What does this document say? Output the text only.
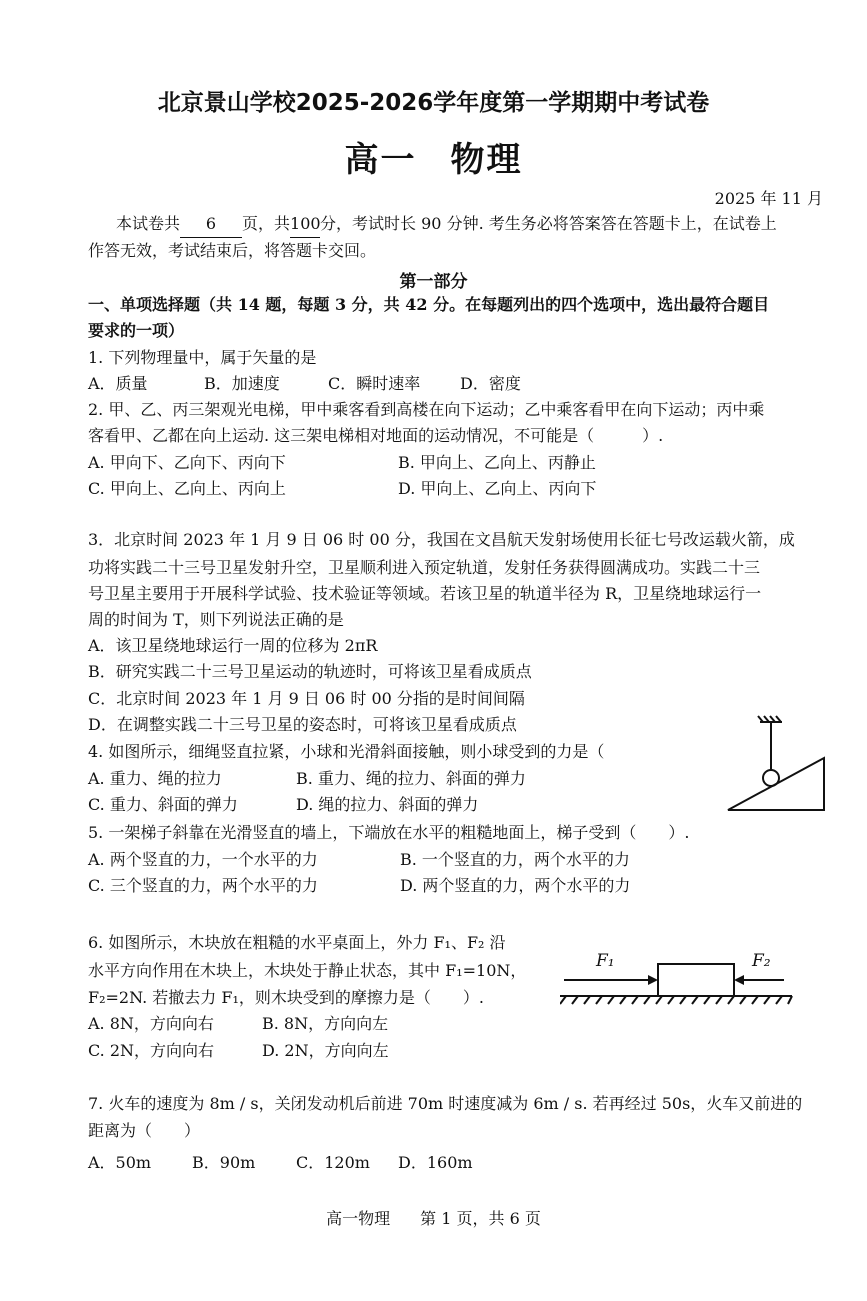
北京景山学校2025-2026学年度第一学期期中考试卷
高一 物理
2025 年 11 月
本试卷共 6 页，共100分，考试时长 90 分钟. 考生务必将答案答在答题卡上，在试卷上
作答无效，考试结束后，将答题卡交回。
第一部分
一、单项选择题（共 14 题，每题 3 分，共 42 分。在每题列出的四个选项中，选出最符合题目
要求的一项）
1. 下列物理量中，属于矢量的是
A．质量	B．加速度	C．瞬时速率 D．密度
2. 甲、乙、丙三架观光电梯，甲中乘客看到高楼在向下运动；乙中乘客看甲在向下运动；丙中乘
客看甲、乙都在向上运动. 这三架电梯相对地面的运动情况，不可能是（　　　）.
A. 甲向下、乙向下、丙向下	B. 甲向上、乙向上、丙静止
C. 甲向上、乙向上、丙向上	D. 甲向上、乙向上、丙向下
3．北京时间 2023 年 1 月 9 日 06 时 00 分，我国在文昌航天发射场使用长征七号改运载火箭，成
功将实践二十三号卫星发射升空，卫星顺利进入预定轨道，发射任务获得圆满成功。实践二十三
号卫星主要用于开展科学试验、技术验证等领域。若该卫星的轨道半径为 R，卫星绕地球运行一
周的时间为 T，则下列说法正确的是
A．该卫星绕地球运行一周的位移为 2πR
B．研究实践二十三号卫星运动的轨迹时，可将该卫星看成质点
C．北京时间 2023 年 1 月 9 日 06 时 00 分指的是时间间隔
D．在调整实践二十三号卫星的姿态时，可将该卫星看成质点
4. 如图所示，细绳竖直拉紧，小球和光滑斜面接触，则小球受到的力是（
A. 重力、绳的拉力	B. 重力、绳的拉力、斜面的弹力
C. 重力、斜面的弹力	D. 绳的拉力、斜面的弹力
5. 一架梯子斜靠在光滑竖直的墙上，下端放在水平的粗糙地面上，梯子受到（　　）.
A. 两个竖直的力，一个水平的力	B. 一个竖直的力，两个水平的力
C. 三个竖直的力，两个水平的力	D. 两个竖直的力，两个水平的力
6. 如图所示，木块放在粗糙的水平桌面上，外力 F₁、F₂ 沿
水平方向作用在木块上，木块处于静止状态，其中 F₁=10N，
F₂=2N. 若撤去力 F₁，则木块受到的摩擦力是（　　）.
A. 8N，方向向右	B. 8N，方向向左
C. 2N，方向向右	D. 2N，方向向左
F₁	F₂
7. 火车的速度为 8m / s，关闭发动机后前进 70m 时速度减为 6m / s. 若再经过 50s，火车又前进的
距离为（　　）
A．50m	B．90m	C．120m D．160m
高一物理 第 1 页，共 6 页
